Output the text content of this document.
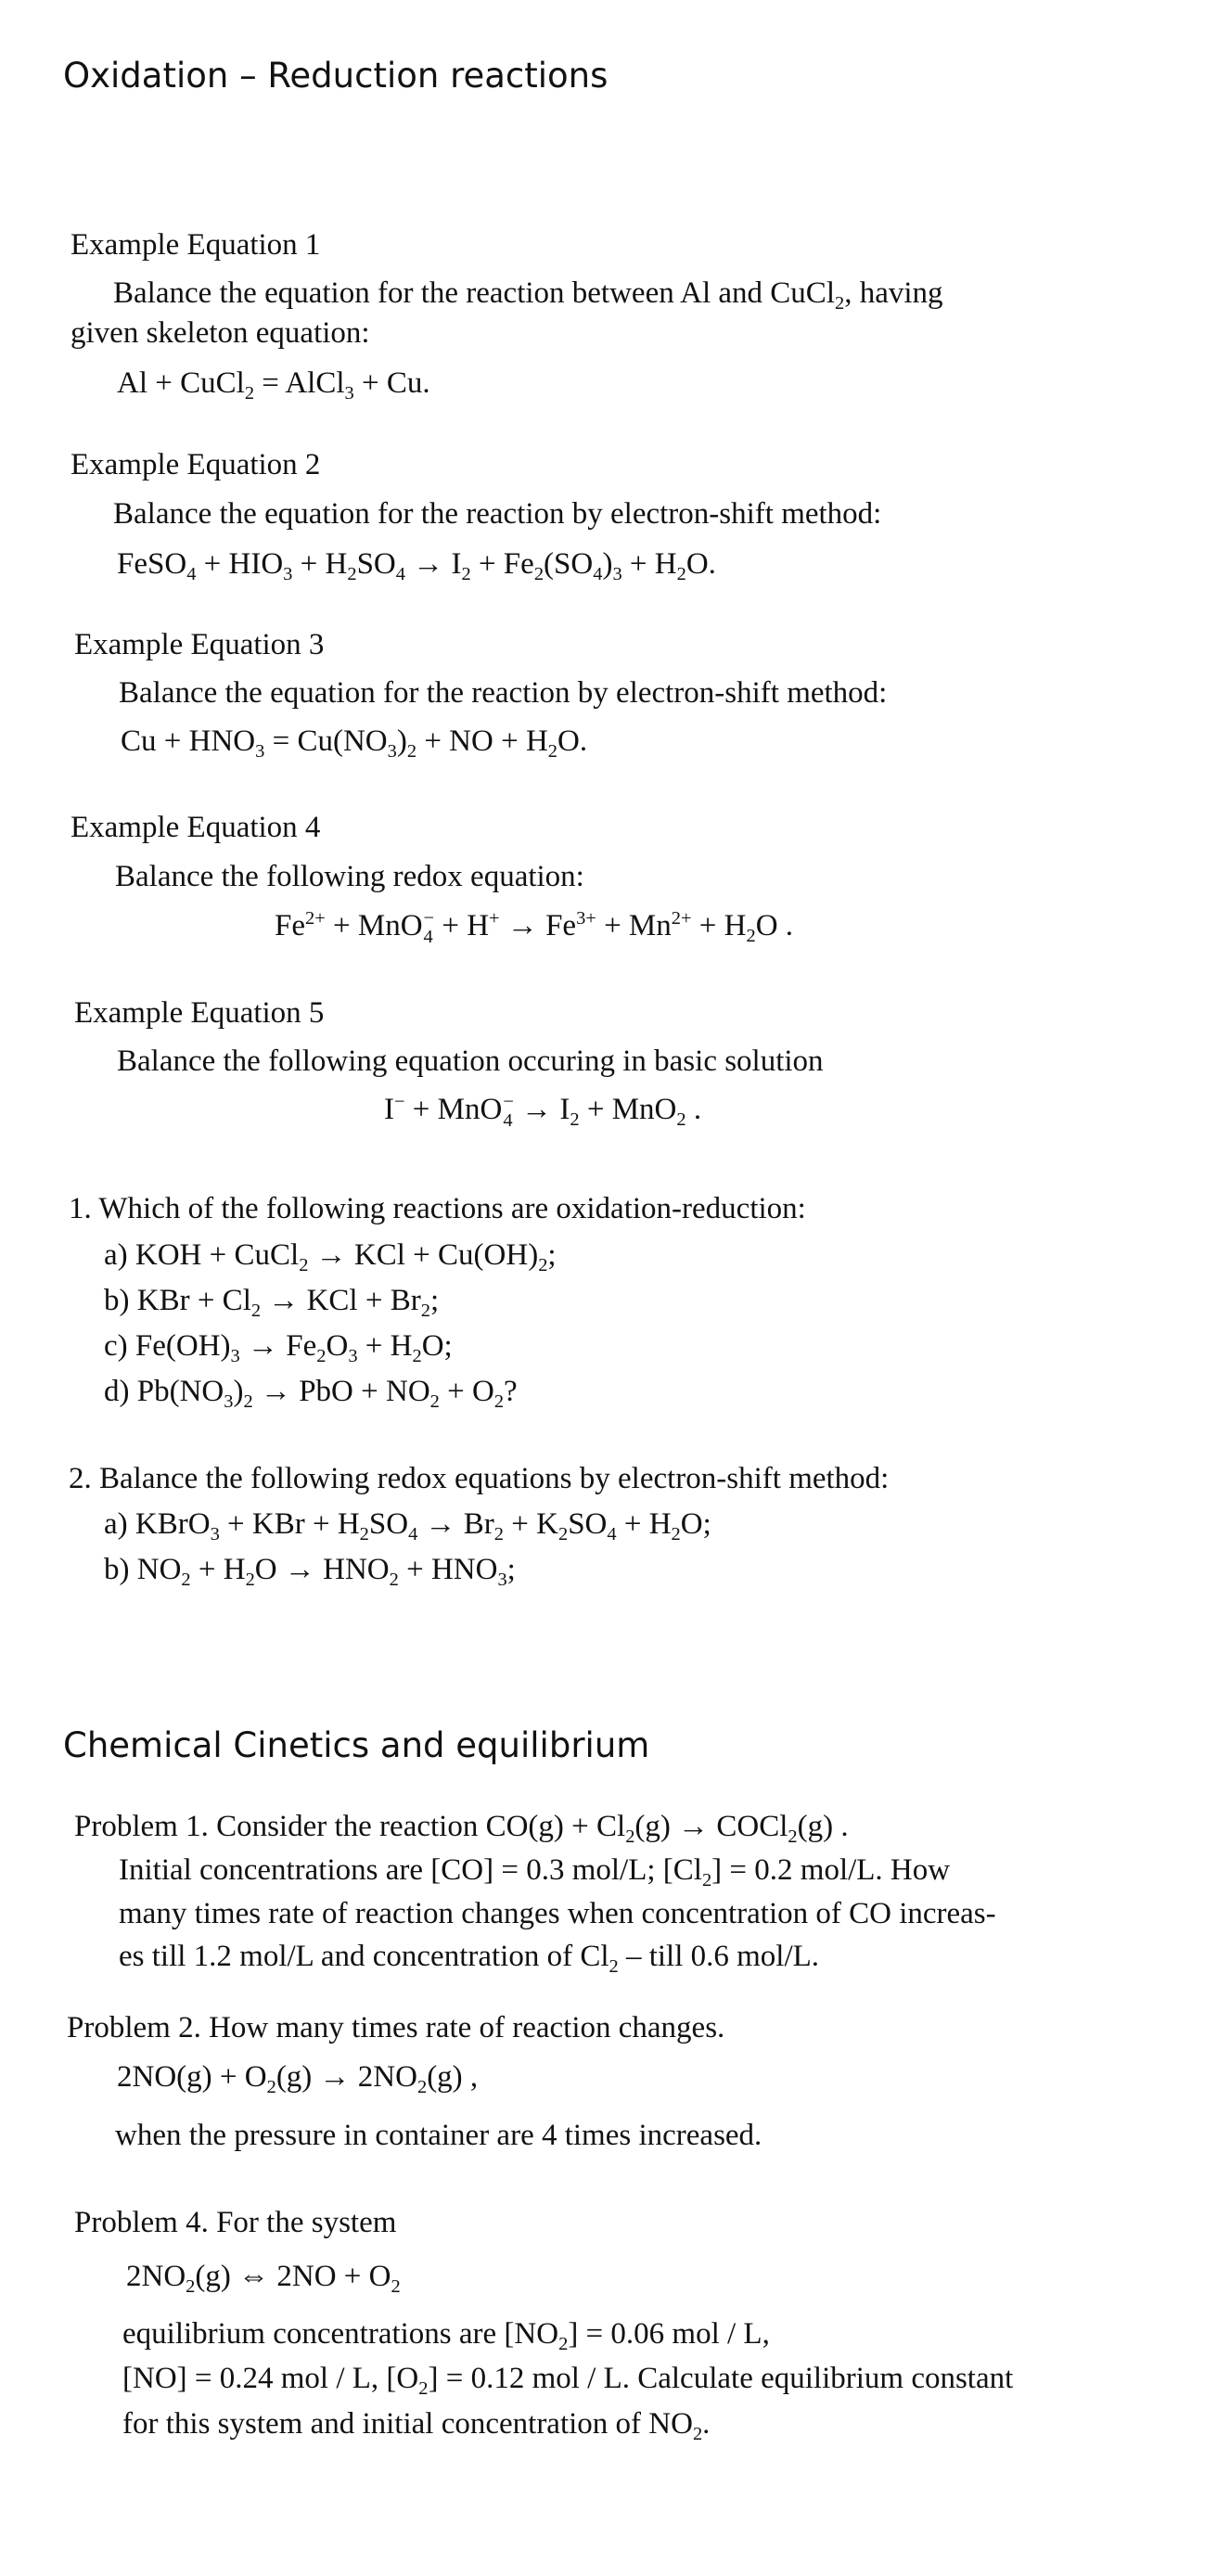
Oxidation – Reduction reactions
Example Equation 1
Balance the equation for the reaction between Al and CuCl$_2$, having
given skeleton equation:
Al + CuCl$_2$ = AlCl$_3$ + Cu.
Example Equation 2
Balance the equation for the reaction by electron-shift method:
FeSO$_4$ + $HIO_3 + H_2SO_4 \to I_2 + Fe_2(SO_4)_3 + H_2O$.
Example Equation 3
Balance the equation for the reaction by electron-shift method:
$Cu + HNO_3 = Cu(NO_3)_2$ + NO + $H_2O$.
Example Equation 4
Balance the following redox equation:
$Fe^{2+}$ + MnO −
$4 + H^+ \to Fe^{3+} + Mn^{2+} + H_2O$ .
Example Equation 5
Balance the following equation occuring in basic solution
I− + MnO −
$4 \to I_2 + MnO_2$ .
1. Which of the following reactions are oxidation-reduction:
a) KOH + CuCl$_2$ → KCl + $Cu(OH)_2$;
b) KBr + $Cl_2$ → KCl + $Br_2$;
c) $Fe(OH)_3 \to Fe_2O_3 + H_2O$;
d) $Pb(NO_3)_2$ → PbO + $NO_2 + O_2$?
2. Balance the following redox equations by electron-shift method:
a) KBrO$_3$ + KBr + $H_2SO_4 \to Br_2 + K_2SO_4 + H_2O$;
b) $NO_2 + H_2O \to HNO_2 + HNO_3$;
Chemical Cinetics and equilibrium
Problem 1. Consider the reaction $CO(g) + Cl_2(g)$ → COCl$_2$(g) .
Initial concentrations are [CO] = 0.3 mol/L; $[Cl_2] = 0.2$ mol/L. How
many times rate of reaction changes when concentration of CO increas-
es till 1.2 mol/L and concentration of $Cl_2$ – till 0.6 mol/L.
Problem 2. How many times rate of reaction changes.
$2NO(g) + O_2(g) \to 2NO_2(g)$ ,
when the pressure in container are 4 times increased.
Problem 4. For the system
$2NO_2(g)$ ⇔ $2NO + O_2$
equilibrium concentrations are $[NO_2] = 0.06$ mol / L,
[NO] = 0.24 mol / L, $[O_2] = 0.12$ mol / L. Calculate equilibrium constant
for this system and initial concentration of $NO_2$.
